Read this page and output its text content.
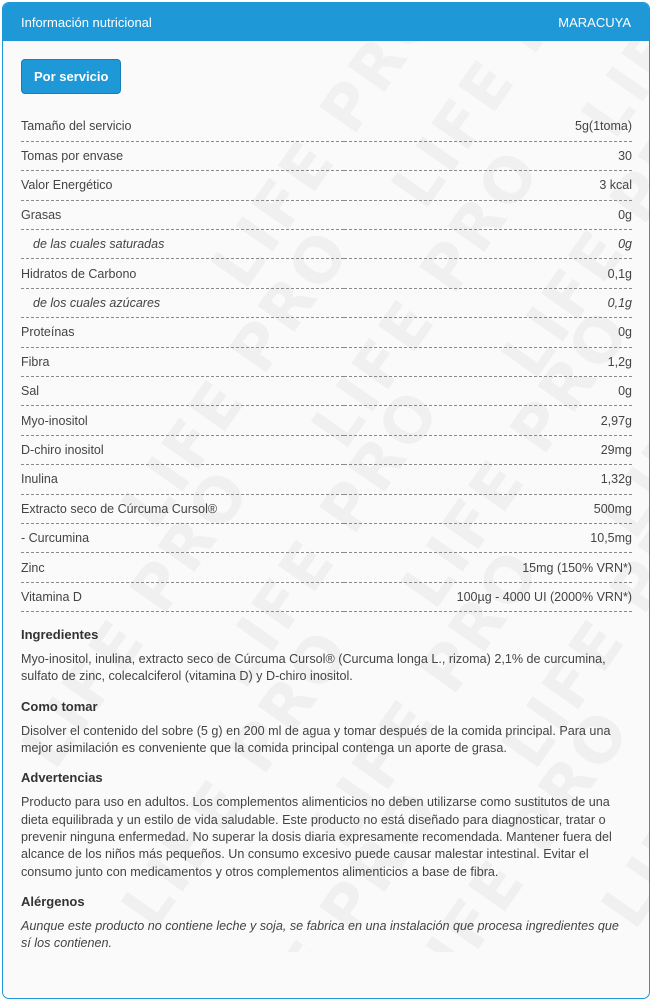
Información nutricional	MARACUYA
Por servicio
Tamaño del servicio	5g(1toma)
Tomas por envase	30
Valor Energético	3 kcal
Grasas	0g
de las cuales saturadas	0g
Hidratos de Carbono	0,1g
de los cuales azúcares	0,1g
Proteínas	0g
Fibra	1,2g
Sal	0g
Myo-inositol	2,97g
D-chiro inositol	29mg
Inulina	1,32g
Extracto seco de Cúrcuma Cursol®	500mg
- Curcumina	10,5mg
Zinc	15mg (150% VRN*)
Vitamina D	100µg - 4000 UI (2000% VRN*)
Ingredientes

Myo-inositol, inulina, extracto seco de Cúrcuma Cursol® (Curcuma longa L., rizoma) 2,1% de curcumina, sulfato de zinc, colecalciferol (vitamina D) y D-chiro inositol.

Como tomar

Disolver el contenido del sobre (5 g) en 200 ml de agua y tomar después de la comida principal. Para una mejor asimilación es conveniente que la comida principal contenga un aporte de grasa.

Advertencias

Producto para uso en adultos. Los complementos alimenticios no deben utilizarse como sustitutos de una dieta equilibrada y un estilo de vida saludable. Este producto no está diseñado para diagnosticar, tratar o prevenir ninguna enfermedad. No superar la dosis diaria expresamente recomendada. Mantener fuera del alcance de los niños más pequeños. Un consumo excesivo puede causar malestar intestinal. Evitar el consumo junto con medicamentos y otros complementos alimenticios a base de fibra.

Alérgenos

Aunque este producto no contiene leche y soja, se fabrica en una instalación que procesa ingredientes que sí los contienen.
